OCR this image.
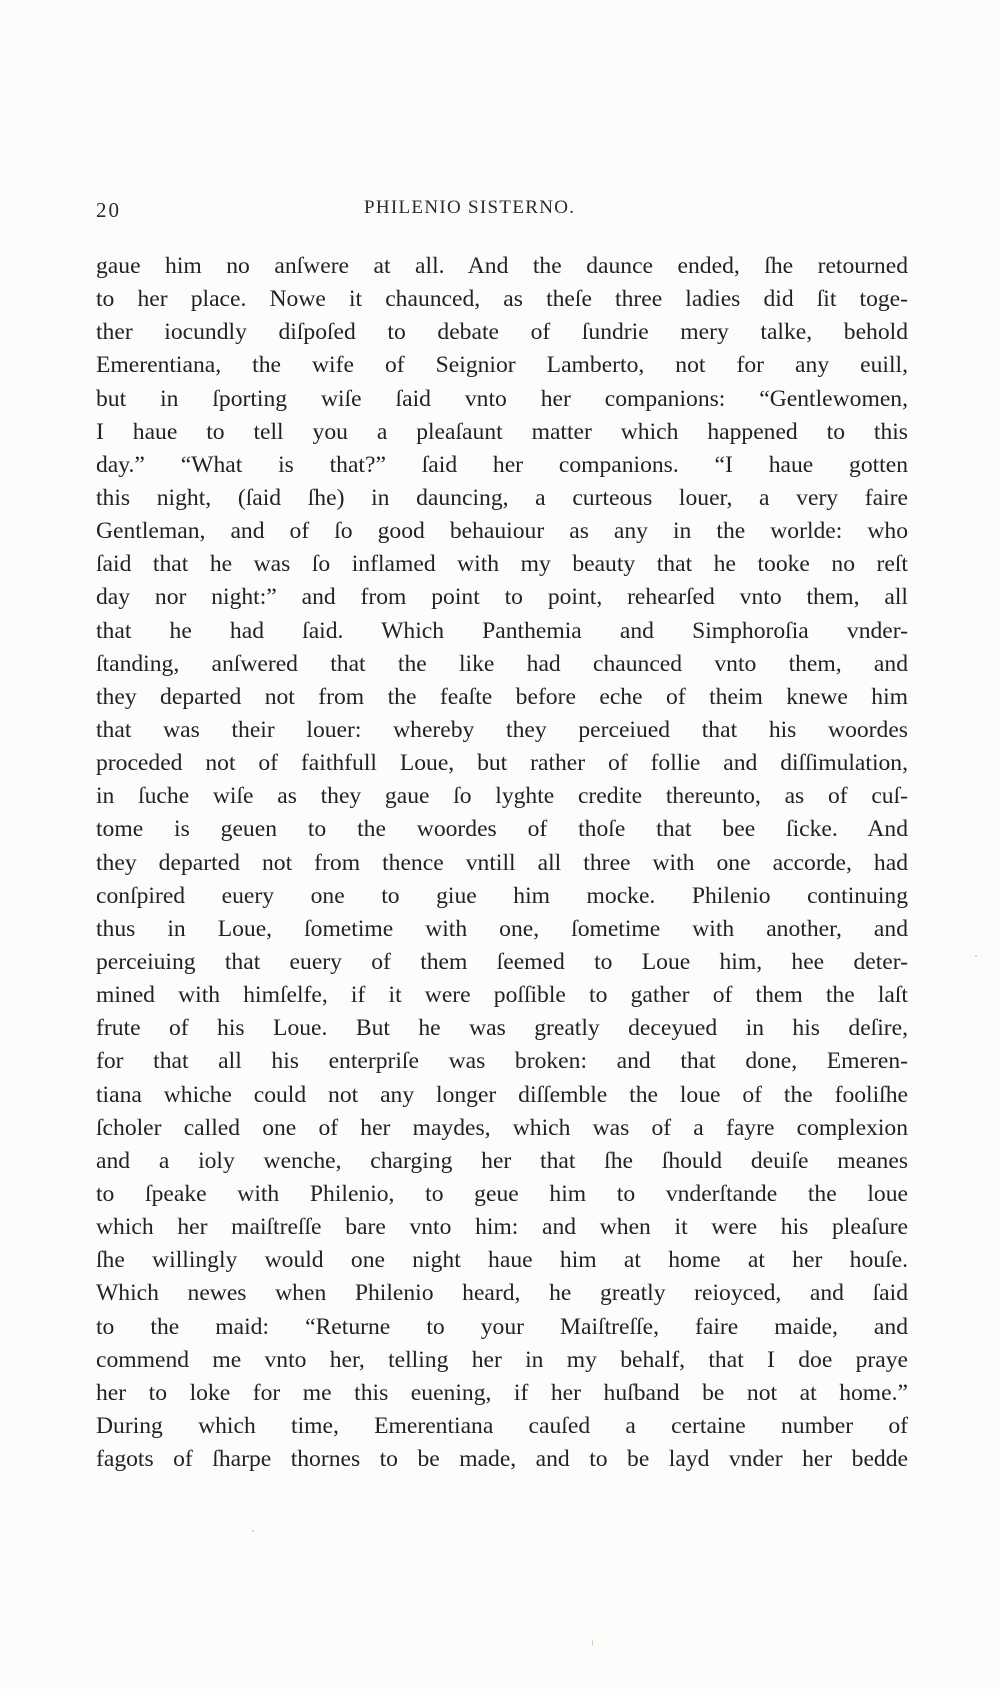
20	PHILENIO SISTERNO.
gaue him no anſwere at all. And the daunce ended, ſhe retourned
to her place. Nowe it chaunced, as theſe three ladies did ſit toge-
ther iocundly diſpoſed to debate of ſundrie mery talke, behold
Emerentiana, the wife of Seignior Lamberto, not for any euill,
but in ſporting wiſe ſaid vnto her companions: “Gentlewomen,
I haue to tell you a pleaſaunt matter which happened to this
day.” “What is that?” ſaid her companions. “I haue gotten
this night, (ſaid ſhe) in dauncing, a curteous louer, a very faire
Gentleman, and of ſo good behauiour as any in the worlde: who
ſaid that he was ſo inflamed with my beauty that he tooke no reſt
day nor night:” and from point to point, rehearſed vnto them, all
that he had ſaid. Which Panthemia and Simphoroſia vnder-
ſtanding, anſwered that the like had chaunced vnto them, and
they departed not from the feaſte before eche of theim knewe him
that was their louer: whereby they perceiued that his woordes
proceded not of faithfull Loue, but rather of follie and diſſimulation,
in ſuche wiſe as they gaue ſo lyghte credite thereunto, as of cuſ-
tome is geuen to the woordes of thoſe that bee ſicke. And
they departed not from thence vntill all three with one accorde, had
conſpired euery one to giue him mocke. Philenio continuing
thus in Loue, ſometime with one, ſometime with another, and
perceiuing that euery of them ſeemed to Loue him, hee deter-
mined with himſelfe, if it were poſſible to gather of them the laſt
frute of his Loue. But he was greatly deceyued in his deſire,
for that all his enterpriſe was broken: and that done, Emeren-
tiana whiche could not any longer diſſemble the loue of the fooliſhe
ſcholer called one of her maydes, which was of a fayre complexion
and a ioly wenche, charging her that ſhe ſhould deuiſe meanes
to ſpeake with Philenio, to geue him to vnderſtande the loue
which her maiſtreſſe bare vnto him: and when it were his pleaſure
ſhe willingly would one night haue him at home at her houſe.
Which newes when Philenio heard, he greatly reioyced, and ſaid
to the maid: “Returne to your Maiſtreſſe, faire maide, and
commend me vnto her, telling her in my behalf, that I doe praye
her to loke for me this euening, if her huſband be not at home.”
During which time, Emerentiana cauſed a certaine number of
fagots of ſharpe thornes to be made, and to be layd vnder her bedde
